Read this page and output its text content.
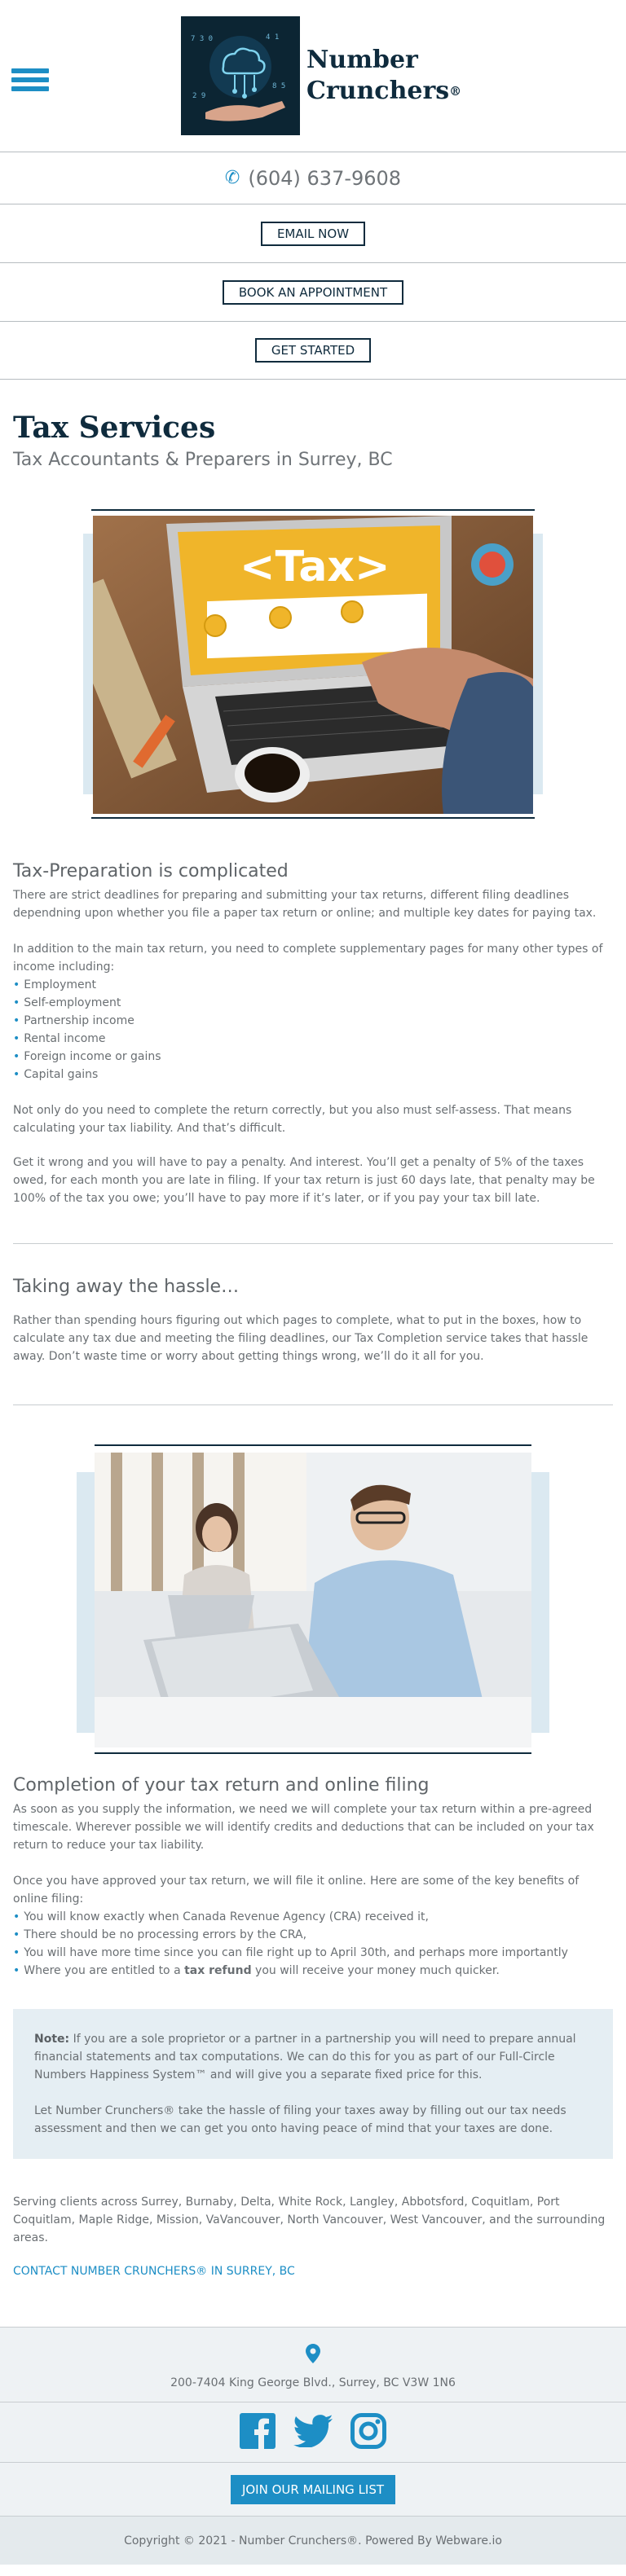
7 3 0	4 1
2 9
8 5
Number
Crunchers®
✆ (604) 637-9608
EMAIL NOW
BOOK AN APPOINTMENT
GET STARTED
Tax Services
Tax Accountants & Preparers in Surrey, BC
<Tax>
Tax-Preparation is complicated

There are strict deadlines for preparing and submitting your tax returns, different filing deadlines dependning upon whether you file a paper tax return or online; and multiple key dates for paying tax.

In addition to the main tax return, you need to complete supplementary pages for many other types of income including:

• Employment
• Self-employment
• Partnership income
• Rental income
• Foreign income or gains
• Capital gains

Not only do you need to complete the return correctly, but you also must self-assess. That means calculating your tax liability. And that’s difficult.

Get it wrong and you will have to pay a penalty. And interest. You’ll get a penalty of 5% of the taxes owed, for each month you are late in filing. If your tax return is just 60 days late, that penalty may be 100% of the tax you owe; you’ll have to pay more if it’s later, or if you pay your tax bill late.

Taking away the hassle…

Rather than spending hours figuring out which pages to complete, what to put in the boxes, how to calculate any tax due and meeting the filing deadlines, our Tax Completion service takes that hassle away. Don’t waste time or worry about getting things wrong, we’ll do it all for you.

Completion of your tax return and online filing

As soon as you supply the information, we need we will complete your tax return within a pre-agreed timescale. Wherever possible we will identify credits and deductions that can be included on your tax return to reduce your tax liability.

Once you have approved your tax return, we will file it online. Here are some of the key benefits of online filing:

• You will know exactly when Canada Revenue Agency (CRA) received it,
• There should be no processing errors by the CRA,
• You will have more time since you can file right up to April 30th, and perhaps more importantly
• Where you are entitled to a tax refund you will receive your money much quicker.

Note: If you are a sole proprietor or a partner in a partnership you will need to prepare annual financial statements and tax computations. We can do this for you as part of our Full-Circle Numbers Happiness System™ and will give you a separate fixed price for this.

Let Number Crunchers® take the hassle of filing your taxes away by filling out our tax needs assessment and then we can get you onto having peace of mind that your taxes are done.

Serving clients across Surrey, Burnaby, Delta, White Rock, Langley, Abbotsford, Coquitlam, Port Coquitlam, Maple Ridge, Mission, VaVancouver, North Vancouver, West Vancouver, and the surrounding areas.

CONTACT NUMBER CRUNCHERS® IN SURREY, BC
200-7404 King George Blvd., Surrey, BC V3W 1N6
JOIN OUR MAILING LIST
Copyright © 2021 - Number Crunchers®. Powered By Webware.io
